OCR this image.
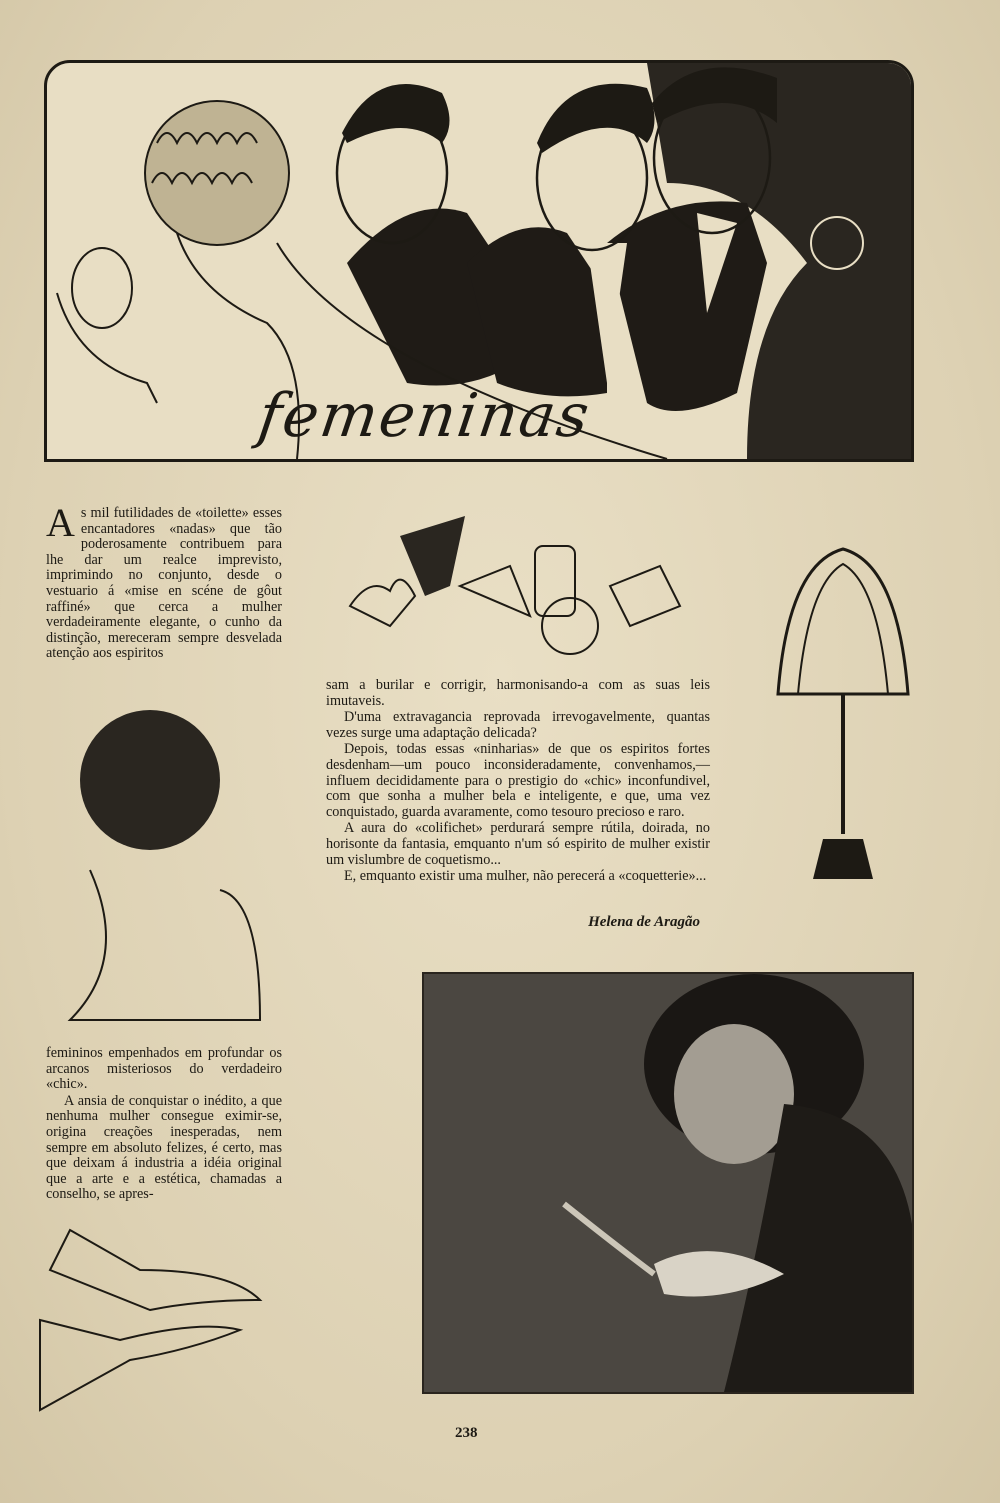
femeninas

As mil futilidades de «toilette» esses encantadores «nadas» que tão poderosamente contribuem para lhe dar um realce imprevisto, imprimindo no conjunto, desde o vestuario á «mise en scéne de gôut raffiné» que cerca a mulher verdadeiramente elegante, o cunho da distinção, mereceram sempre desvelada atenção aos espiritos

femininos empenhados em profundar os arcanos misteriosos do verdadeiro «chic».

A ansia de conquistar o inédito, a que nenhuma mulher consegue eximir-se, origina creações inesperadas, nem sempre em absoluto felizes, é certo, mas que deixam á industria a idéia original que a arte e a estética, chamadas a conselho, se apres-

sam a burilar e corrigir, harmonisando-a com as suas leis imutaveis.

D'uma extravagancia reprovada irrevogavelmente, quantas vezes surge uma adaptação delicada?

Depois, todas essas «ninharias» de que os espiritos fortes desdenham—um pouco inconsideradamente, convenhamos,—influem decididamente para o prestigio do «chic» inconfundivel, com que sonha a mulher bela e inteligente, e que, uma vez conquistado, guarda avaramente, como tesouro precioso e raro.

A aura do «colifichet» perdurará sempre rútila, doirada, no horisonte da fantasia, emquanto n'um só espirito de mulher existir um vislumbre de coquetismo...

E, emquanto existir uma mulher, não perecerá a «coquetterie»...

Helena de Aragão
238
